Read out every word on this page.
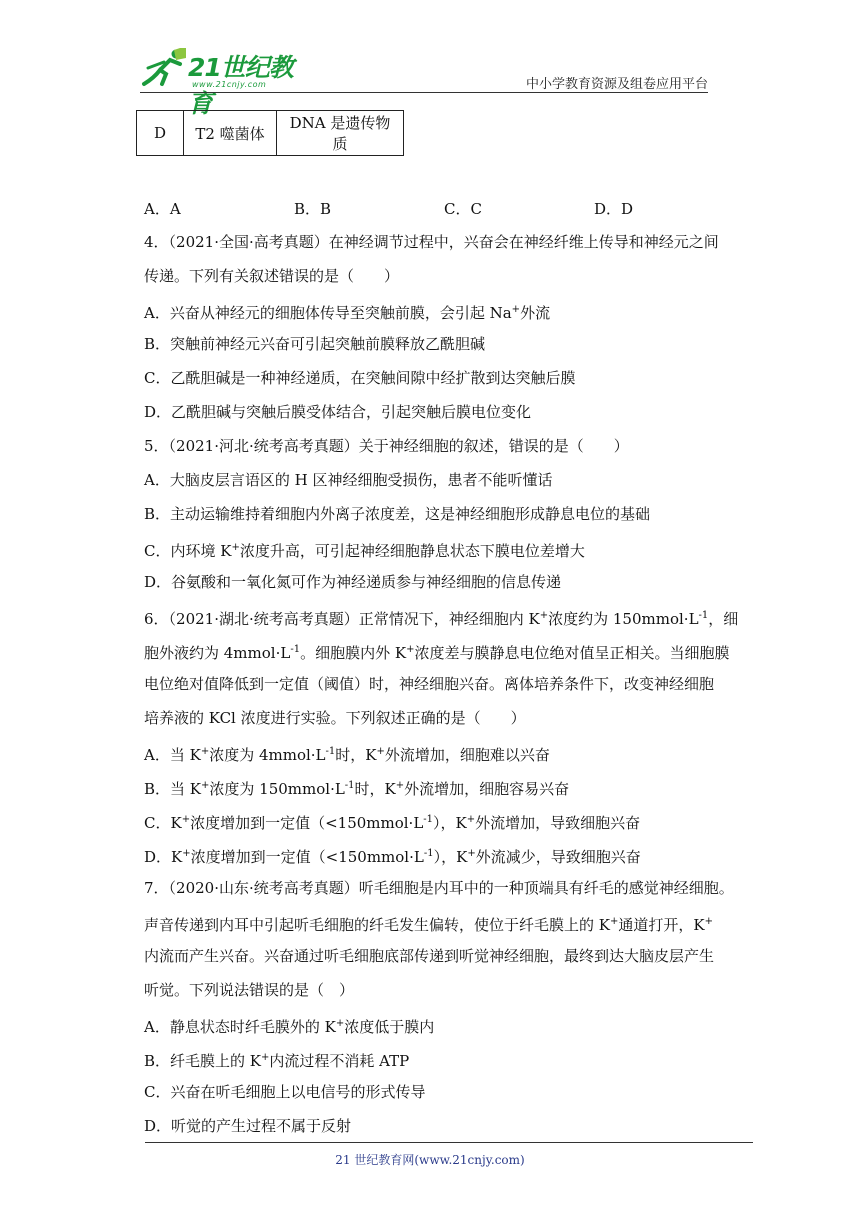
21世纪教育
www.21cnjy.com	中小学教育资源及组卷应用平台
D	T2 噬菌体	DNA 是遗传物质
A．A	B．B	C．C	D．D
4．（2021·全国·高考真题）在神经调节过程中，兴奋会在神经纤维上传导和神经元之间
传递。下列有关叙述错误的是（　　）
A．兴奋从神经元的细胞体传导至突触前膜，会引起 Na+外流
B．突触前神经元兴奋可引起突触前膜释放乙酰胆碱
C．乙酰胆碱是一种神经递质，在突触间隙中经扩散到达突触后膜
D．乙酰胆碱与突触后膜受体结合，引起突触后膜电位变化
5．（2021·河北·统考高考真题）关于神经细胞的叙述，错误的是（　　）
A．大脑皮层言语区的 H 区神经细胞受损伤，患者不能听懂话
B．主动运输维持着细胞内外离子浓度差，这是神经细胞形成静息电位的基础
C．内环境 K+浓度升高，可引起神经细胞静息状态下膜电位差增大
D．谷氨酸和一氧化氮可作为神经递质参与神经细胞的信息传递
6．（2021·湖北·统考高考真题）正常情况下，神经细胞内 K+浓度约为 $150mmol\cdot L^{-1}$，细
胞外液约为 $4mmol\cdot L^{-1}$。细胞膜内外 K+浓度差与膜静息电位绝对值呈正相关。当细胞膜
电位绝对值降低到一定值（阈值）时，神经细胞兴奋。离体培养条件下，改变神经细胞
培养液的 KCl 浓度进行实验。下列叙述正确的是（　　）
A．当 K+浓度为 $4mmol\cdot L^{-1}$时，K+外流增加，细胞难以兴奋
B．当 K+浓度为 $150mmol\cdot L^{-1}$时，K+外流增加，细胞容易兴奋
C．K+浓度增加到一定值$(<150mmol\cdot L^{-1})$，K+外流增加，导致细胞兴奋
D．K+浓度增加到一定值$(<150mmol\cdot L^{-1})$，K+外流减少，导致细胞兴奋
7．（2020·山东·统考高考真题）听毛细胞是内耳中的一种顶端具有纤毛的感觉神经细胞。
声音传递到内耳中引起听毛细胞的纤毛发生偏转，使位于纤毛膜上的 K+通道打开，K+
内流而产生兴奋。兴奋通过听毛细胞底部传递到听觉神经细胞，最终到达大脑皮层产生
听觉。下列说法错误的是（　）
A．静息状态时纤毛膜外的 K+浓度低于膜内
B．纤毛膜上的 K+内流过程不消耗 ATP
C．兴奋在听毛细胞上以电信号的形式传导
D．听觉的产生过程不属于反射
21 世纪教育网(www.21cnjy.com)
